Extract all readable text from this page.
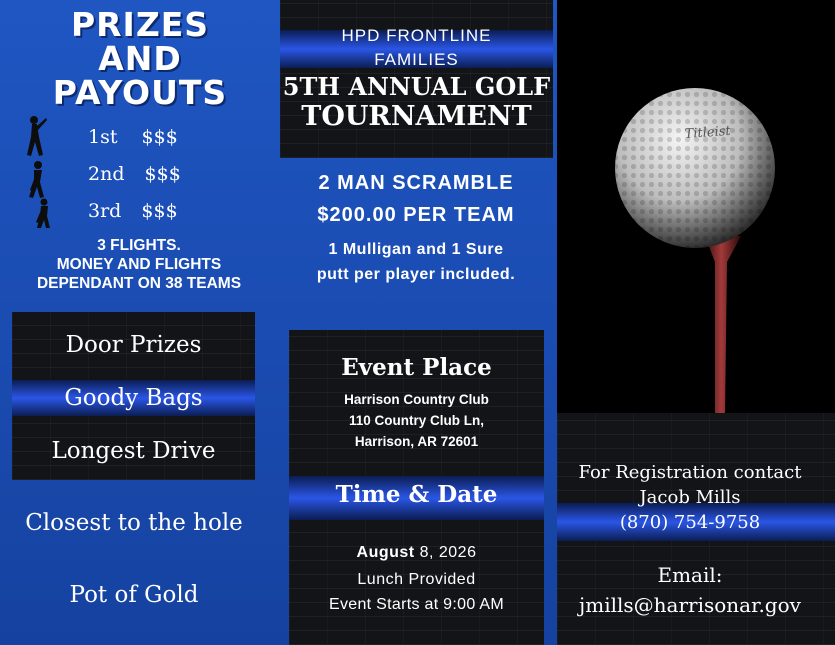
PRIZES
AND
PAYOUTS
1st $$$
2nd $$$
3rd $$$
3 FLIGHTS.
MONEY AND FLIGHTS
DEPENDANT ON 38 TEAMS
Door Prizes
Goody Bags
Longest Drive
Closest to the hole
Pot of Gold
HPD FRONTLINE
FAMILIES
5TH ANNUAL GOLF
TOURNAMENT
2 MAN SCRAMBLE
$200.00 PER TEAM
1 Mulligan and 1 Sure
putt per player included.
Event Place
Harrison Country Club
110 Country Club Ln,
Harrison, AR 72601
Time & Date
August 8, 2026
Lunch Provided
Event Starts at 9:00 AM
Titleist
For Registration contact
Jacob Mills
(870) 754-9758
Email:
jmills@harrisonar.gov
